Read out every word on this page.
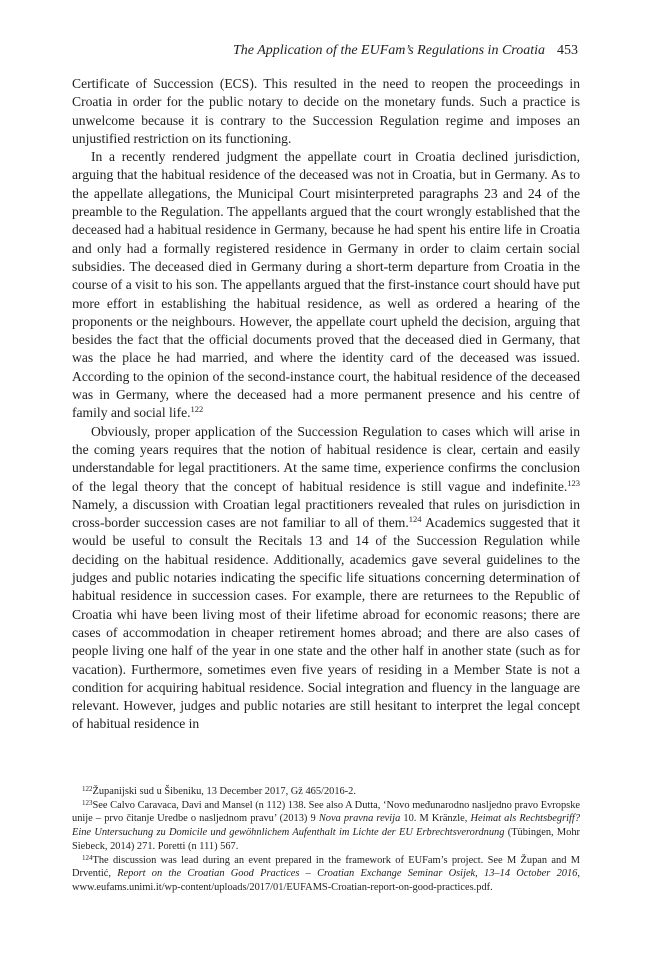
The Application of the EUFam’s Regulations in Croatia 453

Certificate of Succession (ECS). This resulted in the need to reopen the proceedings in Croatia in order for the public notary to decide on the monetary funds. Such a practice is unwelcome because it is contrary to the Succession Regulation regime and imposes an unjustified restriction on its functioning.

In a recently rendered judgment the appellate court in Croatia declined jurisdiction, arguing that the habitual residence of the deceased was not in Croatia, but in Germany. As to the appellate allegations, the Municipal Court misinterpreted paragraphs 23 and 24 of the preamble to the Regulation. The appellants argued that the court wrongly established that the deceased had a habitual residence in Germany, because he had spent his entire life in Croatia and only had a formally registered residence in Germany in order to claim certain social subsidies. The deceased died in Germany during a short-term departure from Croatia in the course of a visit to his son. The appellants argued that the first-instance court should have put more effort in establishing the habitual residence, as well as ordered a hearing of the proponents or the neighbours. However, the appellate court upheld the decision, arguing that besides the fact that the official documents proved that the deceased died in Germany, that was the place he had married, and where the identity card of the deceased was issued. According to the opinion of the second-instance court, the habitual residence of the deceased was in Germany, where the deceased had a more permanent presence and his centre of family and social life.$^{122}$

Obviously, proper application of the Succession Regulation to cases which will arise in the coming years requires that the notion of habitual residence is clear, certain and easily understandable for legal practitioners. At the same time, experience confirms the conclusion of the legal theory that the concept of habitual residence is still vague and indefinite.$^{123}$ Namely, a discussion with Croatian legal practitioners revealed that rules on jurisdiction in cross-border succession cases are not familiar to all of them.$^{124}$ Academics suggested that it would be useful to consult the Recitals 13 and 14 of the Succession Regulation while deciding on the habitual residence. Additionally, academics gave several guidelines to the judges and public notaries indicating the specific life situations concerning determination of habitual residence in succession cases. For example, there are returnees to the Republic of Croatia whi have been living most of their lifetime abroad for economic reasons; there are cases of accommodation in cheaper retirement homes abroad; and there are also cases of people living one half of the year in one state and the other half in another state (such as for vacation). Furthermore, sometimes even five years of residing in a Member State is not a condition for acquiring habitual residence. Social integration and fluency in the language are relevant. However, judges and public notaries are still hesitant to interpret the legal concept of habitual residence in

$^{122}$Županijski sud u Šibeniku, 13 December 2017, Gž 465/2016-2.

$^{123}$See Calvo Caravaca, Davi and Mansel (n 112) 138. See also A Dutta, ‘Novo međunarodno nasljedno pravo Evropske unije – prvo čitanje Uredbe o nasljednom pravu’ (2013) 9 Nova pravna revija 10. M Kränzle, Heimat als Rechtsbegriff? Eine Untersuchung zu Domicile und gewöhnlichem Aufenthalt im Lichte der EU Erbrechtsverordnung (Tübingen, Mohr Siebeck, 2014) 271. Poretti (n 111) 567.

$^{124}$The discussion was lead during an event prepared in the framework of EUFam’s project. See M Župan and M Drventić, Report on the Croatian Good Practices – Croatian Exchange Seminar Osijek, 13–14 October 2016, www.eufams.unimi.it/wp-content/uploads/2017/01/EUFAMS-Croatian-report-on-good-practices.pdf.
